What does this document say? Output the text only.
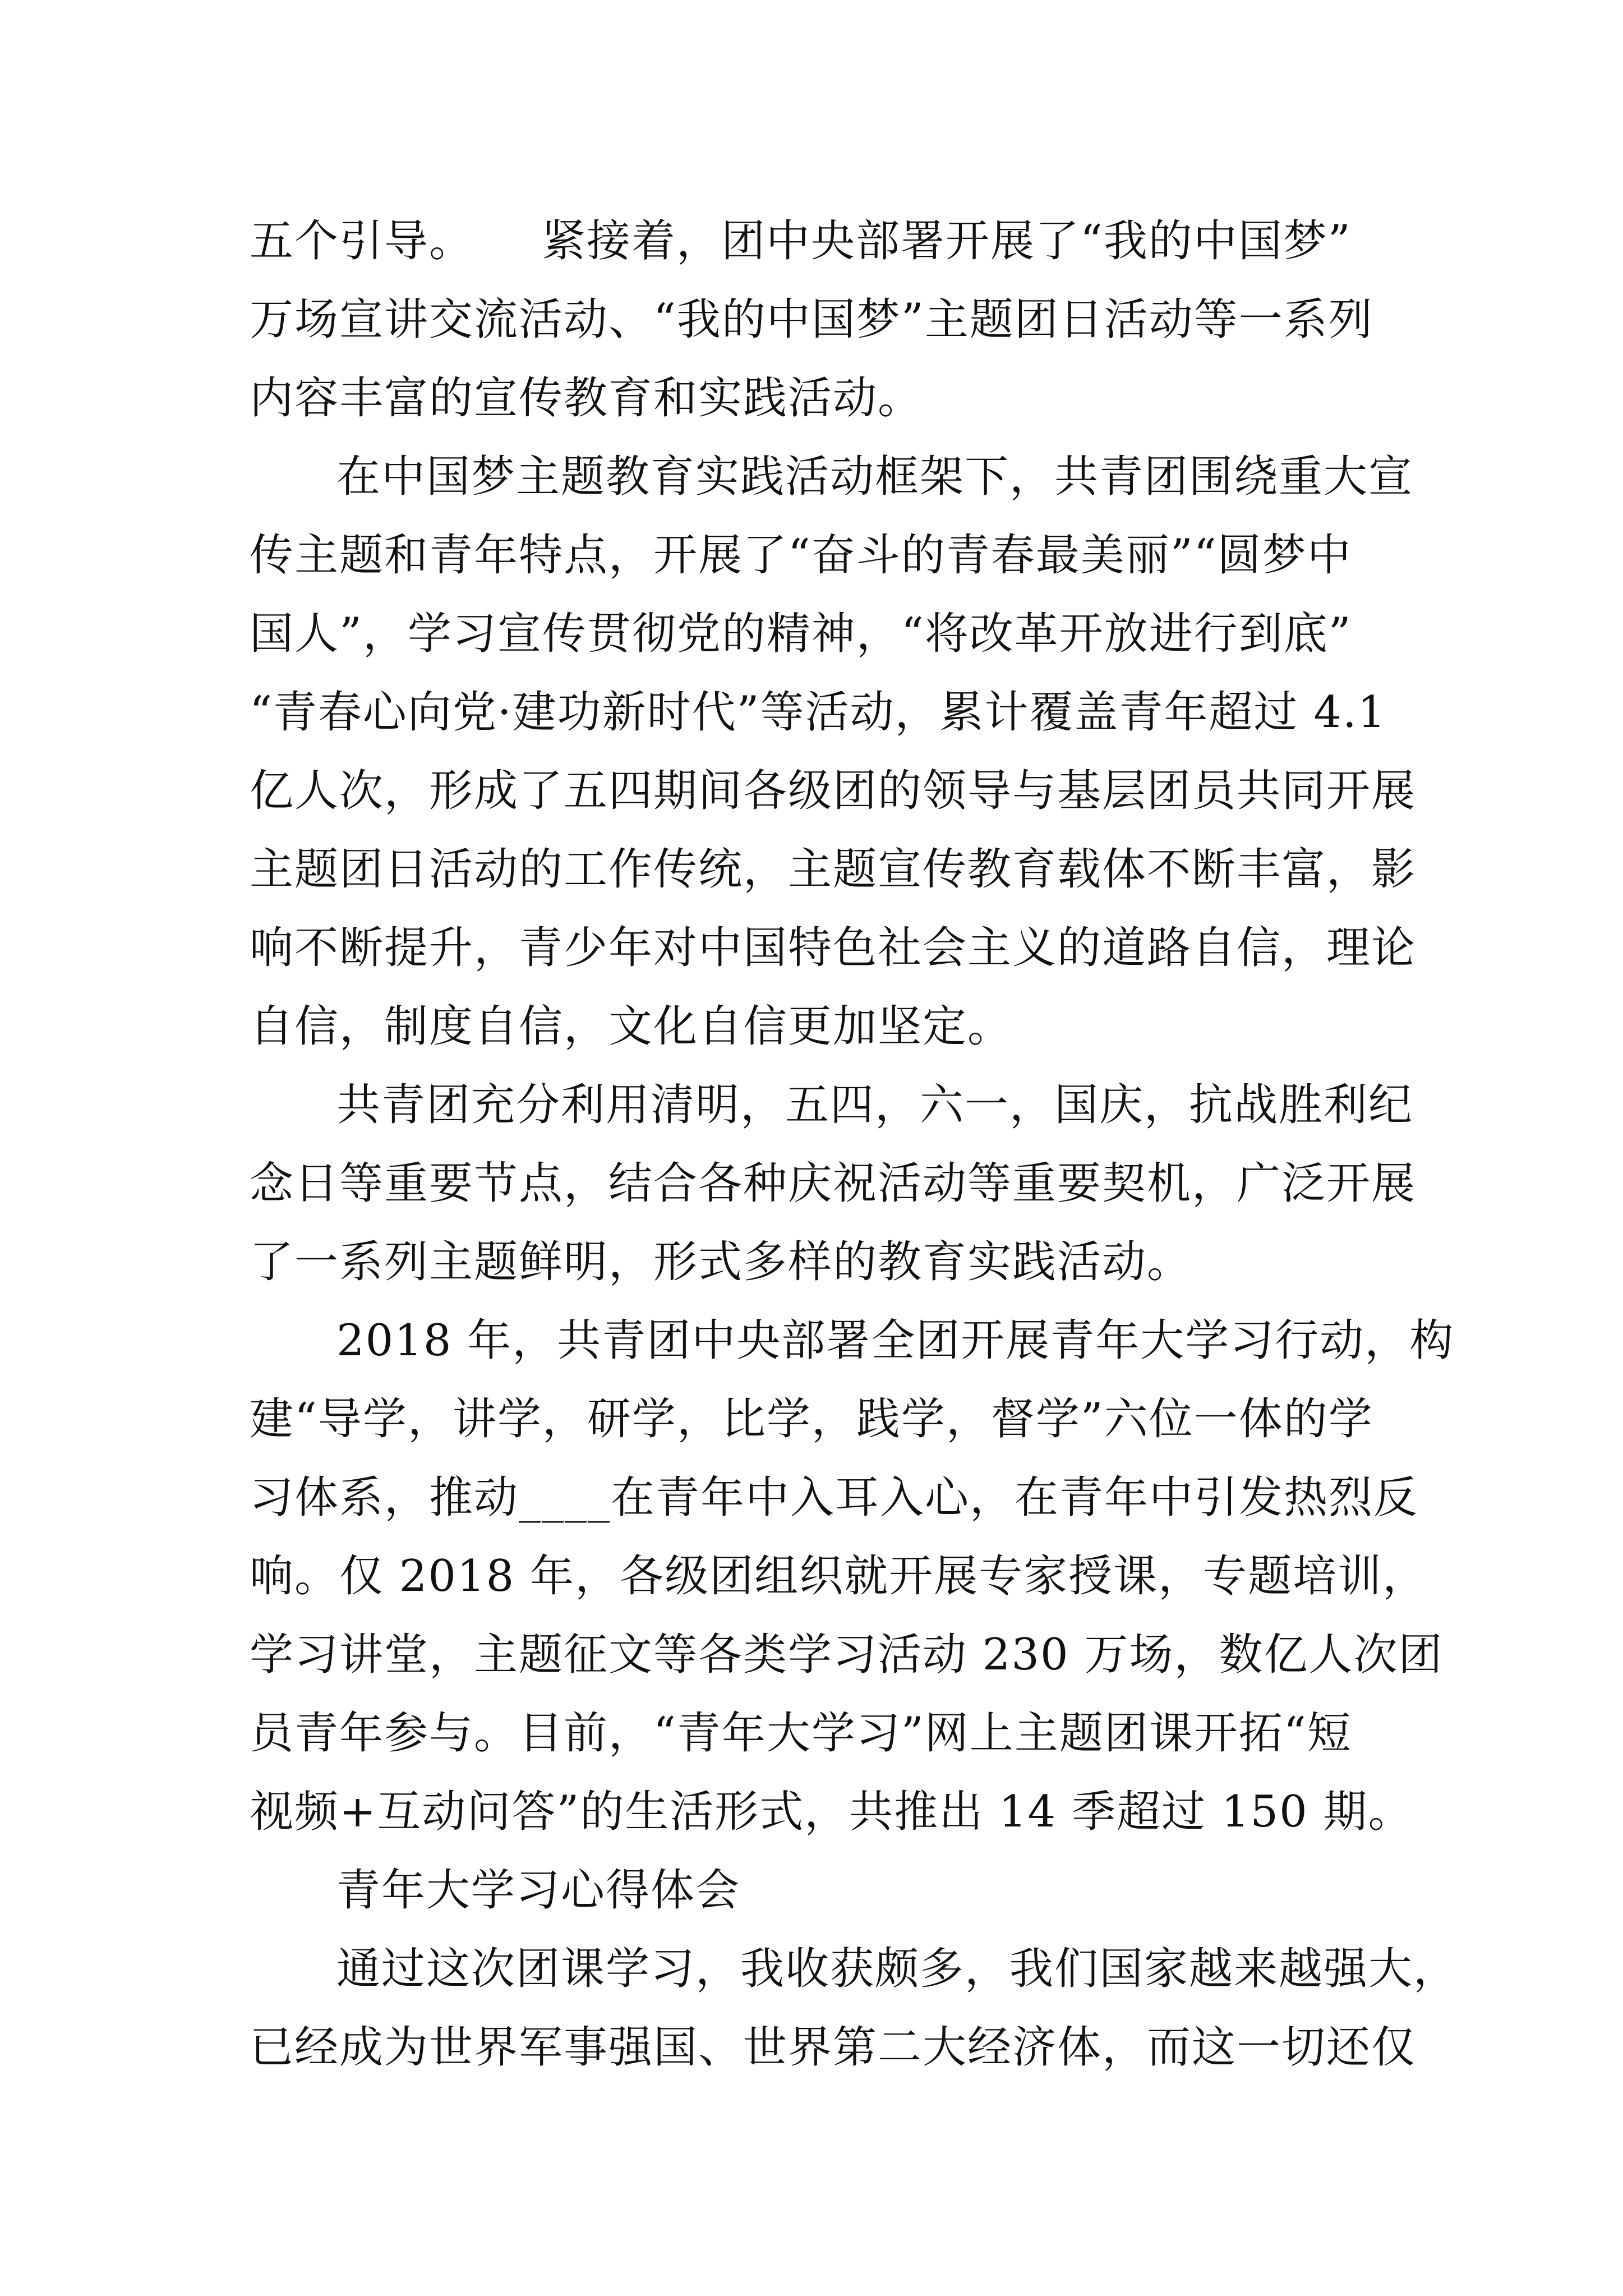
五个引导。　　紧接着，团中央部署开展了“我的中国梦”

万场宣讲交流活动、“我的中国梦”主题团日活动等一系列

内容丰富的宣传教育和实践活动。

在中国梦主题教育实践活动框架下，共青团围绕重大宣

传主题和青年特点，开展了“奋斗的青春最美丽”“圆梦中

国人”，学习宣传贯彻党的精神，“将改革开放进行到底”

“青春心向党·建功新时代”等活动，累计覆盖青年超过 4.1

亿人次，形成了五四期间各级团的领导与基层团员共同开展

主题团日活动的工作传统，主题宣传教育载体不断丰富，影

响不断提升，青少年对中国特色社会主义的道路自信，理论

自信，制度自信，文化自信更加坚定。

共青团充分利用清明，五四，六一，国庆，抗战胜利纪

念日等重要节点，结合各种庆祝活动等重要契机，广泛开展

了一系列主题鲜明，形式多样的教育实践活动。

2018 年，共青团中央部署全团开展青年大学习行动，构

建“导学，讲学，研学，比学，践学，督学”六位一体的学

习体系，推动____在青年中入耳入心，在青年中引发热烈反

响。仅 2018 年，各级团组织就开展专家授课，专题培训，

学习讲堂，主题征文等各类学习活动 230 万场，数亿人次团

员青年参与。目前，“青年大学习”网上主题团课开拓“短

视频+互动问答”的生活形式，共推出 14 季超过 150 期。

青年大学习心得体会

通过这次团课学习，我收获颇多，我们国家越来越强大，

已经成为世界军事强国、世界第二大经济体，而这一切还仅
